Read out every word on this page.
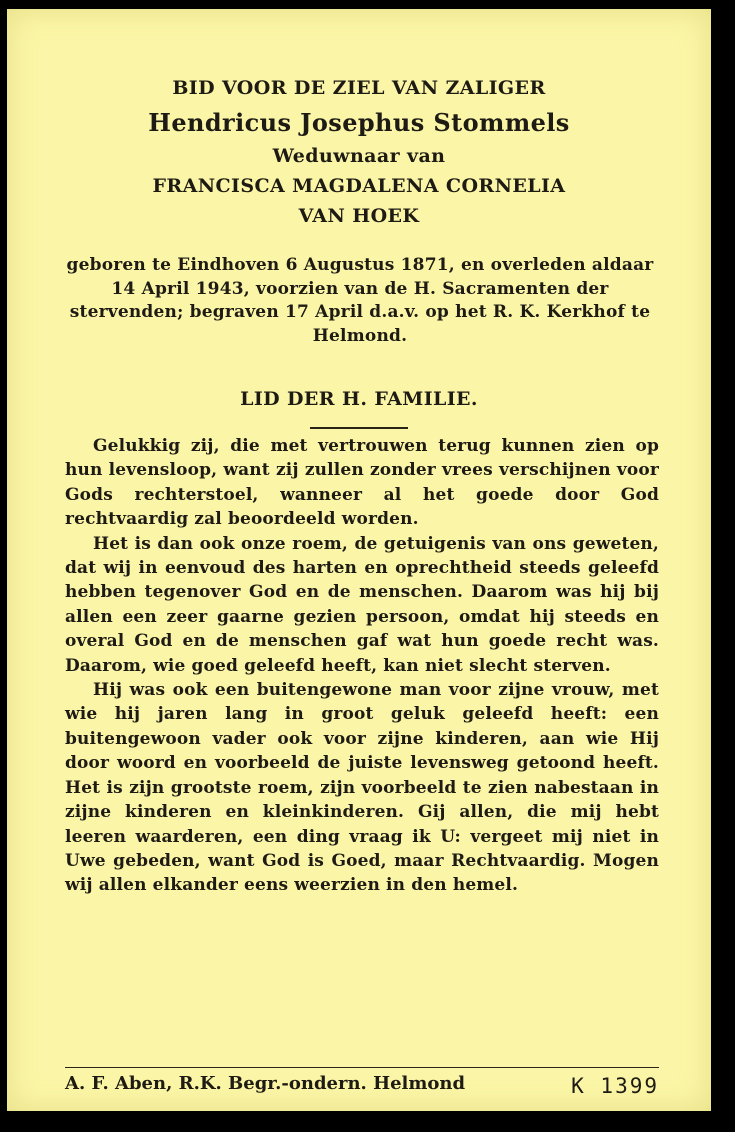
BID VOOR DE ZIEL VAN ZALIGER
Hendricus Josephus Stommels
Weduwnaar van
FRANCISCA MAGDALENA CORNELIA
VAN HOEK
geboren te Eindhoven 6 Augustus 1871, en overleden aldaar 14 April 1943, voorzien van de H. Sacramenten der stervenden; begraven 17 April d.a.v. op het R. K. Kerkhof te Helmond.
LID DER H. FAMILIE.

Gelukkig zij, die met vertrouwen terug kunnen zien op hun levensloop, want zij zullen zonder vrees verschijnen voor Gods rechterstoel, wanneer al het goede door God rechtvaardig zal beoordeeld worden.

Het is dan ook onze roem, de getuigenis van ons geweten, dat wij in eenvoud des harten en oprechtheid steeds geleefd hebben tegenover God en de menschen. Daarom was hij bij allen een zeer gaarne gezien persoon, omdat hij steeds en overal God en de menschen gaf wat hun goede recht was. Daarom, wie goed geleefd heeft, kan niet slecht sterven.

Hij was ook een buitengewone man voor zijne vrouw, met wie hij jaren lang in groot geluk geleefd heeft: een buitengewoon vader ook voor zijne kinderen, aan wie Hij door woord en voorbeeld de juiste levensweg getoond heeft. Het is zijn grootste roem, zijn voorbeeld te zien nabestaan in zijne kinderen en kleinkinderen. Gij allen, die mij hebt leeren waarderen, een ding vraag ik U: vergeet mij niet in Uwe gebeden, want God is Goed, maar Rechtvaardig. Mogen wij allen elkander eens weerzien in den hemel.

A. F. Aben, R.K. Begr.-ondern. Helmond	K 1399
